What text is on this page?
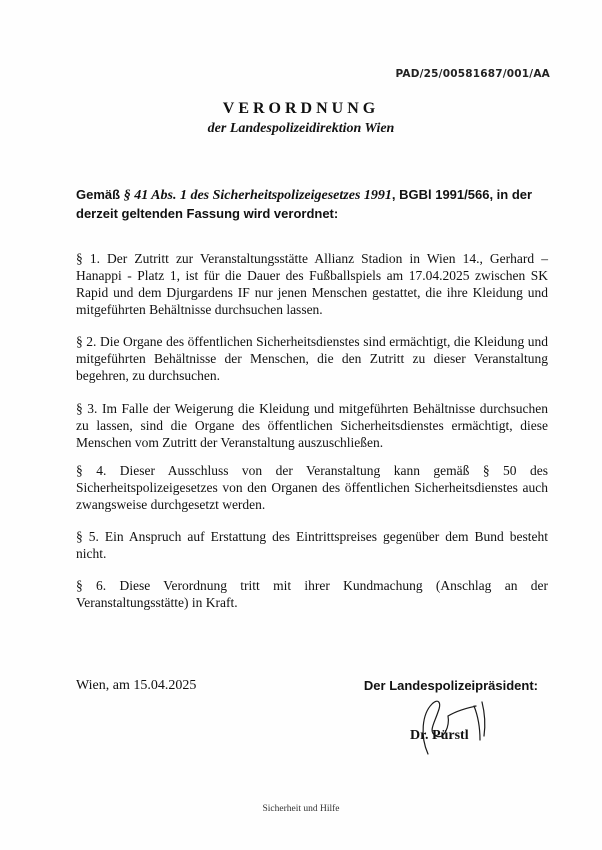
PAD/25/00581687/001/AA
VERORDNUNG
der Landespolizeidirektion Wien
Gemäß § 41 Abs. 1 des Sicherheitspolizeigesetzes 1991, BGBl 1991/566, in der derzeit geltenden Fassung wird verordnet:
§ 1. Der Zutritt zur Veranstaltungsstätte Allianz Stadion in Wien 14., Gerhard – Hanappi - Platz 1, ist für die Dauer des Fußballspiels am 17.04.2025 zwischen SK Rapid und dem Djurgardens IF nur jenen Menschen gestattet, die ihre Kleidung und mitgeführten Behältnisse durchsuchen lassen.
§ 2. Die Organe des öffentlichen Sicherheitsdienstes sind ermächtigt, die Kleidung und mitgeführten Behältnisse der Menschen, die den Zutritt zu dieser Veranstaltung begehren, zu durchsuchen.
§ 3. Im Falle der Weigerung die Kleidung und mitgeführten Behältnisse durchsuchen zu lassen, sind die Organe des öffentlichen Sicherheitsdienstes ermächtigt, diese Menschen vom Zutritt der Veranstaltung auszuschließen.
§ 4. Dieser Ausschluss von der Veranstaltung kann gemäß § 50 des Sicherheitspolizeigesetzes von den Organen des öffentlichen Sicherheitsdienstes auch zwangsweise durchgesetzt werden.
§ 5. Ein Anspruch auf Erstattung des Eintrittspreises gegenüber dem Bund besteht nicht.
§ 6. Diese Verordnung tritt mit ihrer Kundmachung (Anschlag an der Veranstaltungsstätte) in Kraft.
Wien, am 15.04.2025	Der Landespolizeipräsident:
Dr. Pürstl
Sicherheit und Hilfe
